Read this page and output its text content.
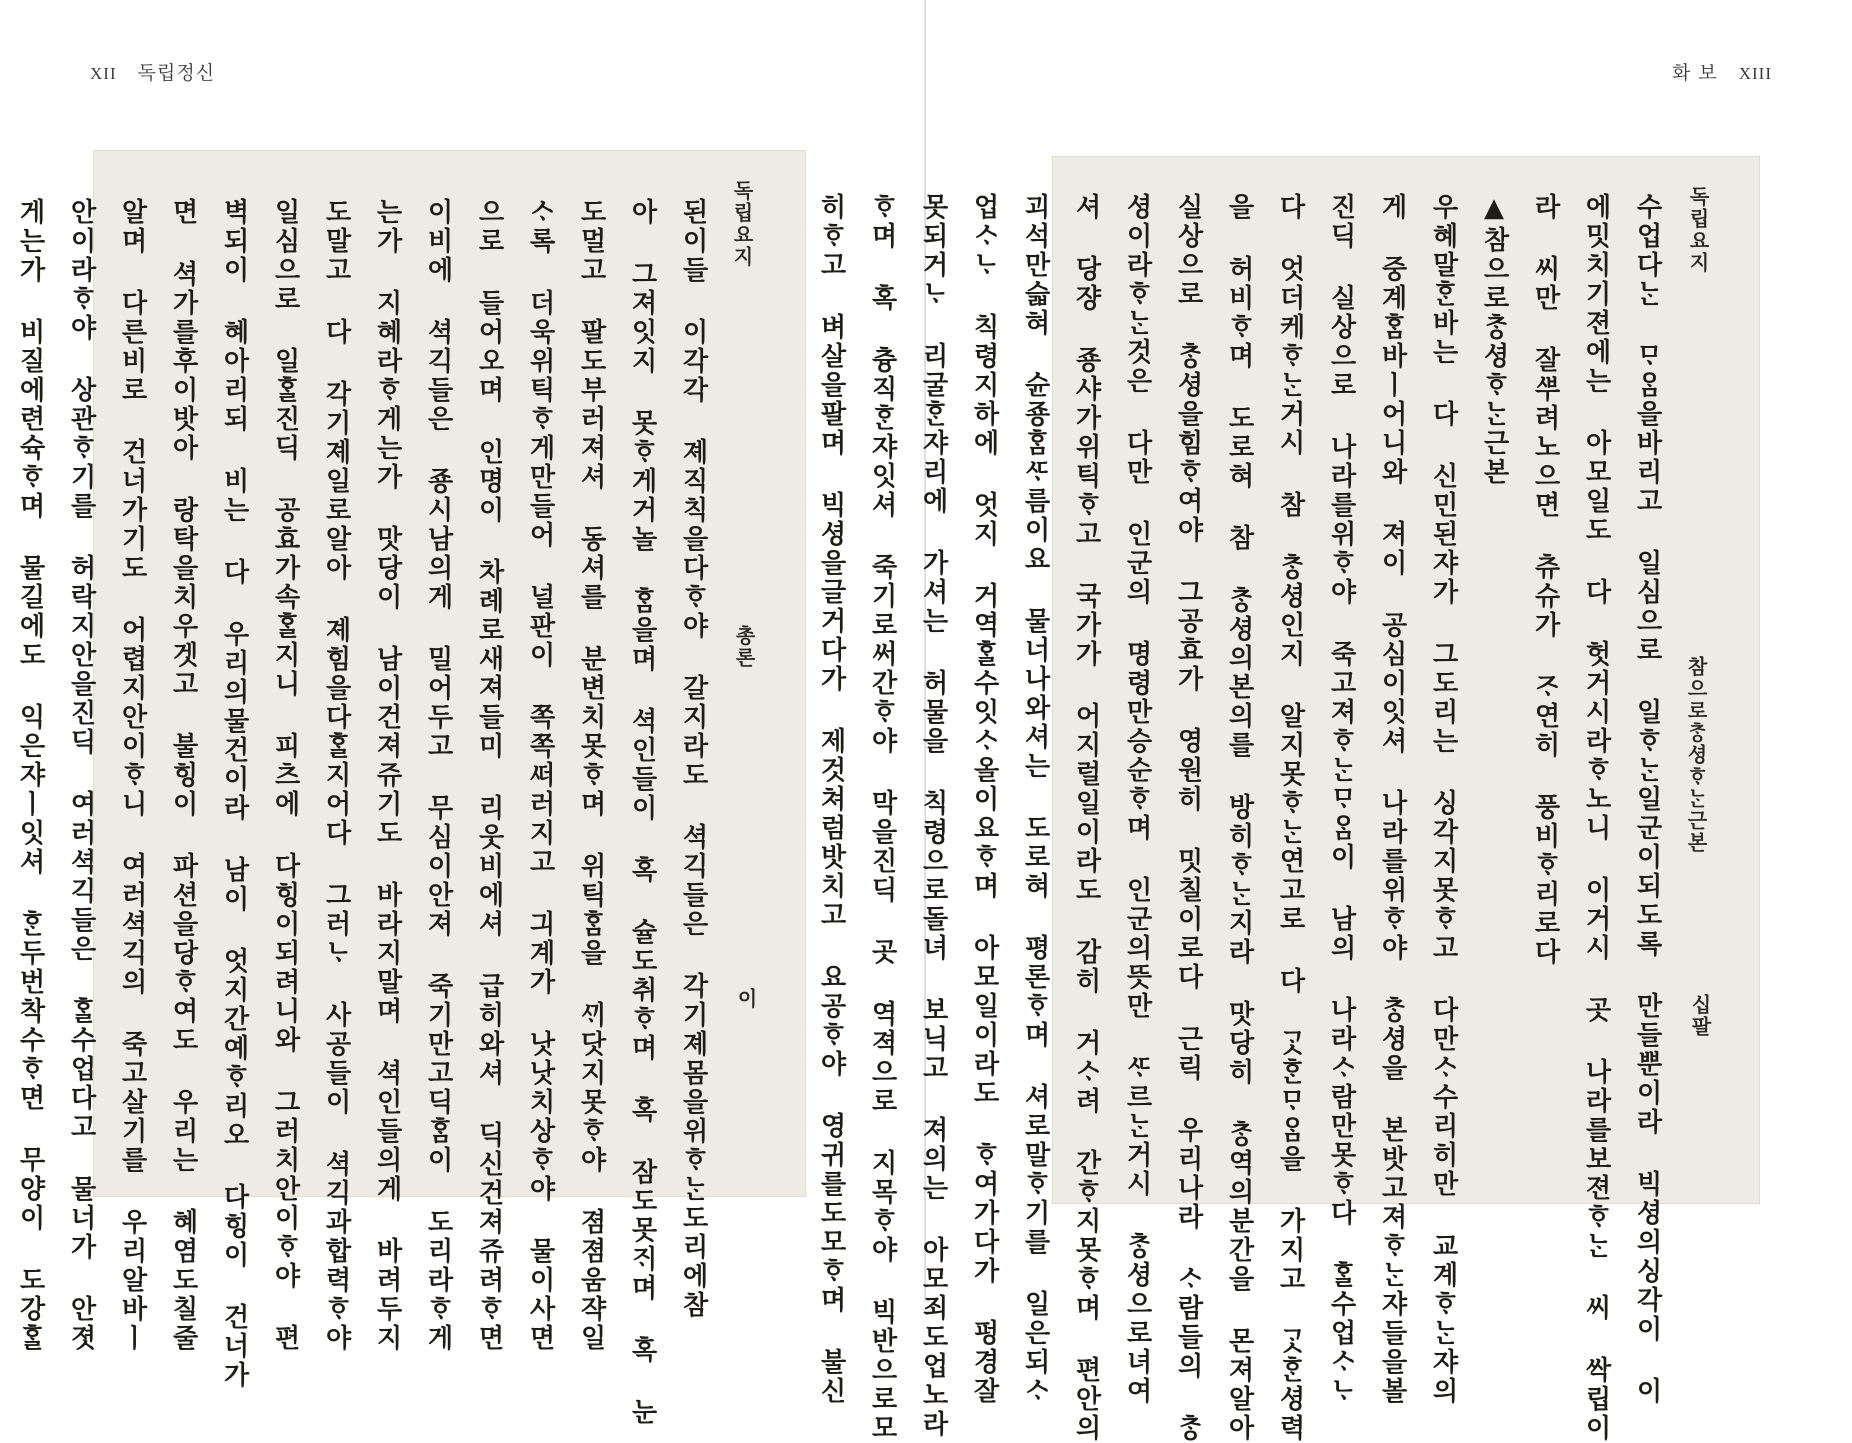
XII 독립정신
독립요지
총론
이
된이들 이각각 졔직칙을다ᄒᆞ야 갈지라도 셕긱들은 각기졔몸을위ᄒᆞᄂᆞᆫ도리에참
아 그져잇지 못ᄒᆞ게거놀 ᄒᆞᆷ을며 셕인들이 혹 슐도취ᄒᆞ며 혹 잠도못ᄌᆡ며 혹 눈
도멀고 팔도부러져셔 동셔를 분변치못ᄒᆞ며 위틱ᄒᆞᆷ을 ᄭᆡ닷지못ᄒᆞ야 졈졈움쟉일
ᄉᆞ록 더욱위틱ᄒᆞ게만들어 널판이 쪽쪽ᄯᅥ러지고 긔계가 낫낫치상ᄒᆞ야 물이사면
으로 들어오며 인명이 차례로새져들미 리웃비에셔 급히와셔 딕신건져쥬려ᄒᆞ면
이비에 셕긱들은 죵시남의게 밀어두고 무심이안져 죽기만고딕ᄒᆞᆷ이 도리라ᄒᆞ게
는가 지혜라ᄒᆞ게는가 맛당이 남이건져쥬기도 바라지말며 셕인들의게 바려두지
도말고 다 각기졔일로알아 졔힘을다ᄒᆞᆯ지어다 그러ᄂᆞ 사공들이 셕긱과합력ᄒᆞ야
일심으로 일ᄒᆞᆯ진딕 공효가속ᄒᆞᆯ지니 피츠에 다힝이되려니와 그러치안이ᄒᆞ야 편
벽되이 혜아리되 비는 다 우리의물건이라 남이 엇지간예ᄒᆞ리오 다힝이 건너가
면 셕가를후이밧아 랑탁을치우겟고 불힝이 파션을당ᄒᆞ여도 우리는 혜염도칠줄
알며 다른비로 건너가기도 어렵지안이ᄒᆞ니 여러셕긱의 죽고살기를 우리알바ㅣ
안이라ᄒᆞ야 상관ᄒᆞ기를 허락지안을진딕 여러셕긱들은 ᄒᆞᆯ수업다고 물너가 안졋
게는가 비질에련슉ᄒᆞ며 물길에도 익은쟈ㅣ잇셔 ᄒᆞᆫ두번착수ᄒᆞ면 무양이 도강ᄒᆞᆯ
화 보 XIII
독립요지
참으로ᄎᆞᆼ셩ᄒᆞᄂᆞᆫ근본
십팔
수업다ᄂᆞᆫ ᄆᆞᄋᆞᆷ을바리고 일심으로 일ᄒᆞᄂᆞᆫ일군이되도록 만들뿐이라 빅셩의싱각이 이
에밋치기젼에는 아모일도 다 헛거시라ᄒᆞ노니 이거시 곳 나라를보젼ᄒᆞᄂᆞᆫ 씨 싹립이
라 씨만 잘ᄲᅮ려노으면 츄슈가 ᄌᆞ연히 풍비ᄒᆞ리로다
▲참으로ᄎᆞᆼ셩ᄒᆞᄂᆞᆫ근본
우혜말ᄒᆞᆫ바는 다 신민된쟈가 그도리는 싱각지못ᄒᆞ고 다만ᄉᆞ수리히만 교계ᄒᆞᄂᆞᆫ쟈의
게 중계ᄒᆞᆷ바ㅣ어니와 져이 공심이잇셔 나라를위ᄒᆞ야 ᄎᆞᆼ셩을 본밧고져ᄒᆞᄂᆞᆫ쟈들을볼
진딕 실상으로 나라를위ᄒᆞ야 죽고져ᄒᆞᄂᆞᆫᄆᆞᄋᆞᆷ이 남의 나라ᄉᆞ람만못ᄒᆞ다 ᄒᆞᆯ수업ᄉᆞᄂᆞ
다 엇더케ᄒᆞᄂᆞᆫ거시 참 ᄎᆞᆼ셩인지 알지못ᄒᆞᄂᆞᆫ연고로 다 ᄀᆞᆺᄒᆞᆫᄆᆞᄋᆞᆷ을 가지고 ᄀᆞᆺᄒᆞᆫ셩력
을 허비ᄒᆞ며 도로혀 참 ᄎᆞᆼ셩의본의를 방히ᄒᆞᄂᆞᆫ지라 맛당히 ᄎᆞᆼ역의분간을 몬져알아
실상으로 ᄎᆞᆼ셩을힘ᄒᆞ여야 그공효가 영원히 밋칠이로다 근릭 우리나라 ᄉᆞ람들의 ᄎᆞᆼ
셩이라ᄒᆞᄂᆞᆫ것은 다만 인군의 명령만승순ᄒᆞ며 인군의뜻만 ᄯᆞ르ᄂᆞᆫ거시 ᄎᆞᆼ셩으로녀여
셔 당쟝 죵샤가위틱ᄒᆞ고 국가가 어지럴일이라도 감히 거ᄉᆞ려 간ᄒᆞ지못ᄒᆞ며 편안의
괴석만슯혀 슌죵ᄒᆞᆷᄯᆞ름이요 물너나와셔는 도로혀 평론ᄒᆞ며 셔로말ᄒᆞ기를 일은되ᄉᆞ
업ᄉᆞᄂᆞ 칙령지하에 엇지 거역ᄒᆞᆯ수잇ᄉᆞ올이요ᄒᆞ며 아모일이라도 ᄒᆞ여가다가 펑경잘
못되거ᄂᆞ 리굴ᄒᆞᆫ쟈리에 가셔는 허물을 칙령으로돌녀 보닉고 져의는 아모죄도업노라
ᄒᆞ며 혹 츙직ᄒᆞᆫ쟈잇셔 죽기로써간ᄒᆞ야 막을진딕 곳 역젹으로 지목ᄒᆞ야 빅반으로모
히ᄒᆞ고 벼살을팔며 빅셩을글거다가 제것쳐럼밧치고 요공ᄒᆞ야 영귀를도모ᄒᆞ며 불신
